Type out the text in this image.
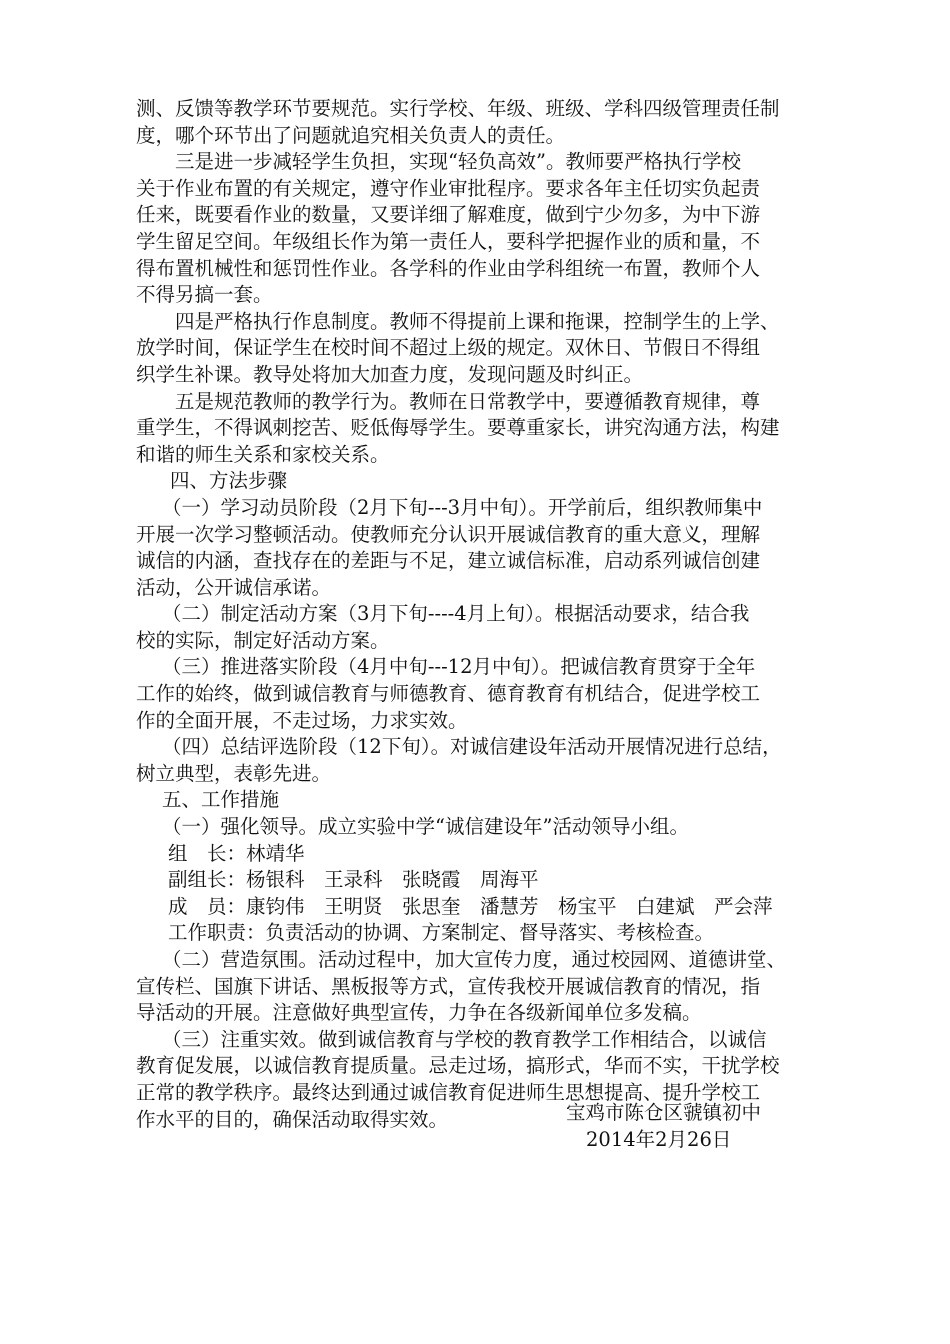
测、反馈等教学环节要规范。实行学校、年级、班级、学科四级管理责任制
度，哪个环节出了问题就追究相关负责人的责任。
三是进一步减轻学生负担，实现“轻负高效”。教师要严格执行学校
关于作业布置的有关规定，遵守作业审批程序。要求各年主任切实负起责
任来，既要看作业的数量，又要详细了解难度，做到宁少勿多，为中下游
学生留足空间。年级组长作为第一责任人，要科学把握作业的质和量，不
得布置机械性和惩罚性作业。各学科的作业由学科组统一布置，教师个人
不得另搞一套。
四是严格执行作息制度。教师不得提前上课和拖课，控制学生的上学、
放学时间，保证学生在校时间不超过上级的规定。双休日、节假日不得组
织学生补课。教导处将加大加查力度，发现问题及时纠正。
五是规范教师的教学行为。教师在日常教学中，要遵循教育规律，尊
重学生，不得讽刺挖苦、贬低侮辱学生。要尊重家长，讲究沟通方法，构建
和谐的师生关系和家校关系。
四、方法步骤
（一）学习动员阶段（2月下旬---3月中旬）。开学前后，组织教师集中
开展一次学习整顿活动。使教师充分认识开展诚信教育的重大意义，理解
诚信的内涵，查找存在的差距与不足，建立诚信标准，启动系列诚信创建
活动，公开诚信承诺。
（二）制定活动方案（3月下旬----4月上旬）。根据活动要求，结合我
校的实际，制定好活动方案。
（三）推进落实阶段（4月中旬---12月中旬）。把诚信教育贯穿于全年
工作的始终，做到诚信教育与师德教育、德育教育有机结合，促进学校工
作的全面开展，不走过场，力求实效。
（四）总结评选阶段（12下旬）。对诚信建设年活动开展情况进行总结，
树立典型，表彰先进。
五、工作措施
（一）强化领导。成立实验中学“诚信建设年”活动领导小组。
组　长：林靖华
副组长：杨银科　王录科　张晓霞　周海平
成　员：康钧伟　王明贤　张思奎　潘慧芳　杨宝平　白建斌　严会萍
工作职责：负责活动的协调、方案制定、督导落实、考核检查。
（二）营造氛围。活动过程中，加大宣传力度，通过校园网、道德讲堂、
宣传栏、国旗下讲话、黑板报等方式，宣传我校开展诚信教育的情况，指
导活动的开展。注意做好典型宣传，力争在各级新闻单位多发稿。
（三）注重实效。做到诚信教育与学校的教育教学工作相结合，以诚信
教育促发展，以诚信教育提质量。忌走过场，搞形式，华而不实，干扰学校
正常的教学秩序。最终达到通过诚信教育促进师生思想提高、提升学校工
作水平的目的，确保活动取得实效。	宝鸡市陈仓区虢镇初中
2014年2月26日
